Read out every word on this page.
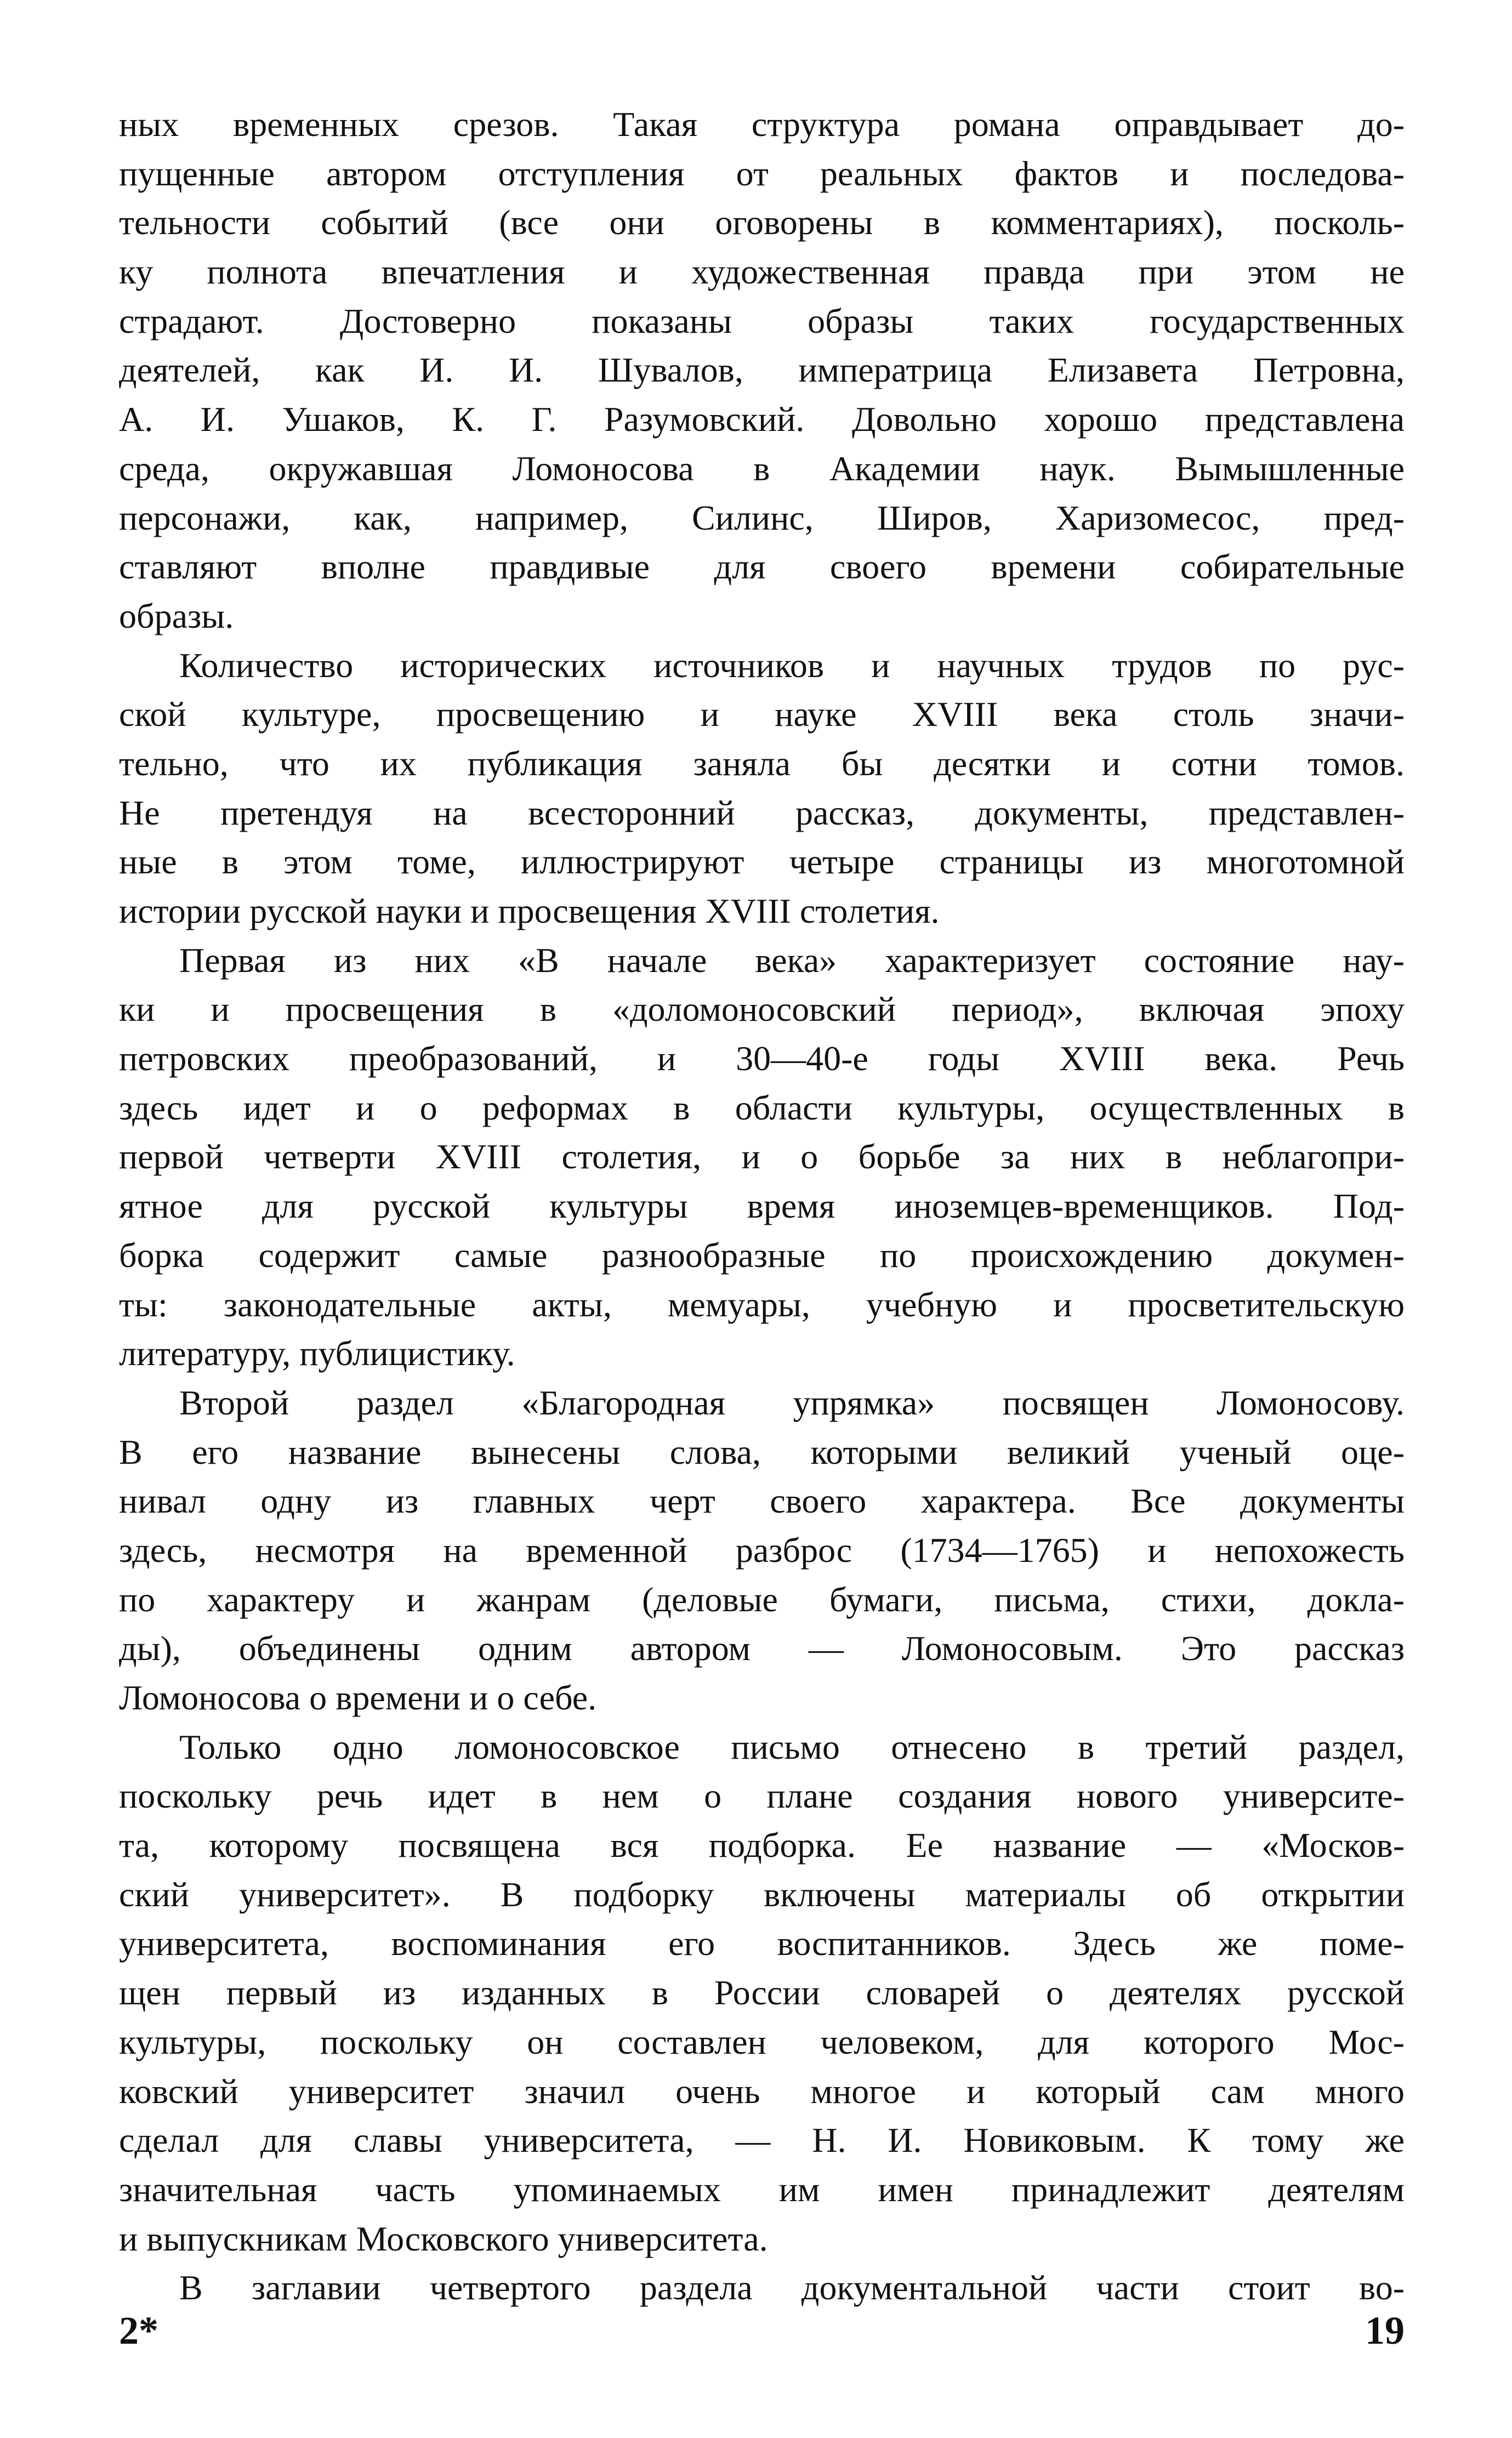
ных временных срезов. Такая структура романа оправдывает до-
пущенные автором отступления от реальных фактов и последова-
тельности событий (все они оговорены в комментариях), посколь-
ку полнота впечатления и художественная правда при этом не
страдают. Достоверно показаны образы таких государственных
деятелей, как И. И. Шувалов, императрица Елизавета Петровна,
А. И. Ушаков, К. Г. Разумовский. Довольно хорошо представлена
среда, окружавшая Ломоносова в Академии наук. Вымышленные
персонажи, как, например, Силинс, Широв, Харизомесос, пред-
ставляют вполне правдивые для своего времени собирательные
образы.
Количество исторических источников и научных трудов по рус-
ской культуре, просвещению и науке XVIII века столь значи-
тельно, что их публикация заняла бы десятки и сотни томов.
Не претендуя на всесторонний рассказ, документы, представлен-
ные в этом томе, иллюстрируют четыре страницы из многотомной
истории русской науки и просвещения XVIII столетия.
Первая из них «В начале века» характеризует состояние нау-
ки и просвещения в «доломоносовский период», включая эпоху
петровских преобразований, и 30—40-е годы XVIII века. Речь
здесь идет и о реформах в области культуры, осуществленных в
первой четверти XVIII столетия, и о борьбе за них в неблагопри-
ятное для русской культуры время иноземцев-временщиков. Под-
борка содержит самые разнообразные по происхождению докумен-
ты: законодательные акты, мемуары, учебную и просветительскую
литературу, публицистику.
Второй раздел «Благородная упрямка» посвящен Ломоносову.
В его название вынесены слова, которыми великий ученый оце-
нивал одну из главных черт своего характера. Все документы
здесь, несмотря на временной разброс (1734—1765) и непохожесть
по характеру и жанрам (деловые бумаги, письма, стихи, докла-
ды), объединены одним автором — Ломоносовым. Это рассказ
Ломоносова о времени и о себе.
Только одно ломоносовское письмо отнесено в третий раздел,
поскольку речь идет в нем о плане создания нового университе-
та, которому посвящена вся подборка. Ее название — «Москов-
ский университет». В подборку включены материалы об открытии
университета, воспоминания его воспитанников. Здесь же поме-
щен первый из изданных в России словарей о деятелях русской
культуры, поскольку он составлен человеком, для которого Мос-
ковский университет значил очень многое и который сам много
сделал для славы университета, — Н. И. Новиковым. К тому же
значительная часть упоминаемых им имен принадлежит деятелям
и выпускникам Московского университета.
В заглавии четвертого раздела документальной части стоит во-
2*	19
